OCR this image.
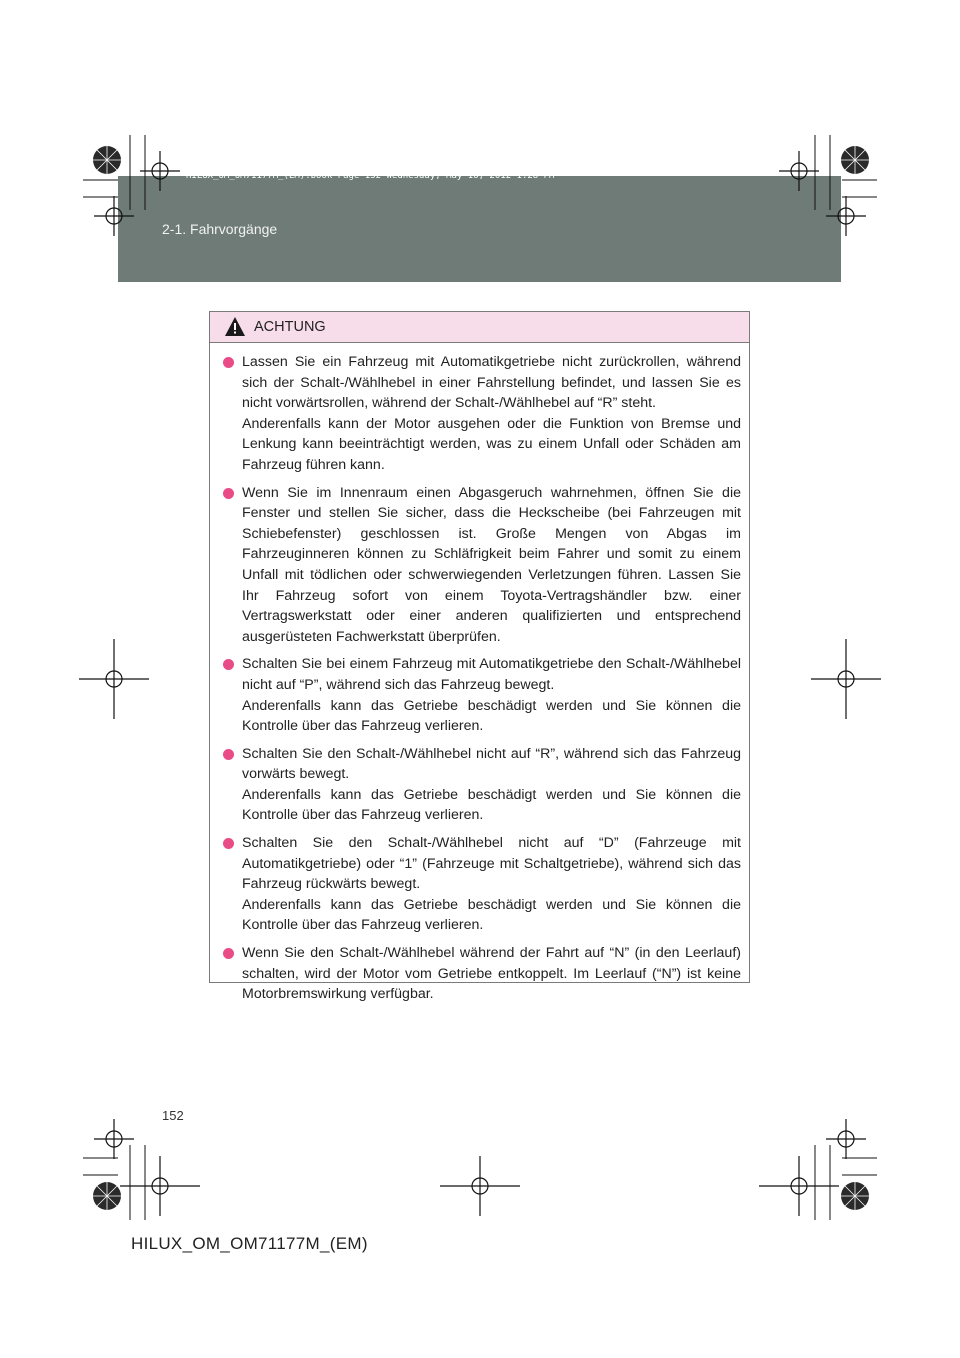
HILUX_OM_OM71177M_(EM).book Page 152 Wednesday, May 16, 2012 1:28 PM
2-1. Fahrvorgänge
ACHTUNG

Lassen Sie ein Fahrzeug mit Automatikgetriebe nicht zurückrollen, während sich der Schalt-/Wählhebel in einer Fahrstellung befindet, und lassen Sie es nicht vorwärtsrollen, während der Schalt-/Wählhebel auf “R” steht.

Anderenfalls kann der Motor ausgehen oder die Funktion von Bremse und Lenkung kann beeinträchtigt werden, was zu einem Unfall oder Schäden am Fahrzeug führen kann.

Wenn Sie im Innenraum einen Abgasgeruch wahrnehmen, öffnen Sie die Fenster und stellen Sie sicher, dass die Heckscheibe (bei Fahrzeugen mit Schiebefenster) geschlossen ist. Große Mengen von Abgas im Fahrzeuginneren können zu Schläfrigkeit beim Fahrer und somit zu einem Unfall mit tödlichen oder schwerwiegenden Verletzungen führen. Lassen Sie Ihr Fahrzeug sofort von einem Toyota-Vertragshändler bzw. einer Vertragswerkstatt oder einer anderen qualifizierten und entsprechend ausgerüsteten Fachwerkstatt überprüfen.

Schalten Sie bei einem Fahrzeug mit Automatikgetriebe den Schalt-/Wählhebel nicht auf “P”, während sich das Fahrzeug bewegt.

Anderenfalls kann das Getriebe beschädigt werden und Sie können die Kontrolle über das Fahrzeug verlieren.

Schalten Sie den Schalt-/Wählhebel nicht auf “R”, während sich das Fahrzeug vorwärts bewegt.

Anderenfalls kann das Getriebe beschädigt werden und Sie können die Kontrolle über das Fahrzeug verlieren.

Schalten Sie den Schalt-/Wählhebel nicht auf “D” (Fahrzeuge mit Automatikgetriebe) oder “1” (Fahrzeuge mit Schaltgetriebe), während sich das Fahrzeug rückwärts bewegt.

Anderenfalls kann das Getriebe beschädigt werden und Sie können die Kontrolle über das Fahrzeug verlieren.

Wenn Sie den Schalt-/Wählhebel während der Fahrt auf “N” (in den Leerlauf) schalten, wird der Motor vom Getriebe entkoppelt. Im Leerlauf (“N”) ist keine Motorbremswirkung verfügbar.

152
HILUX_OM_OM71177M_(EM)
